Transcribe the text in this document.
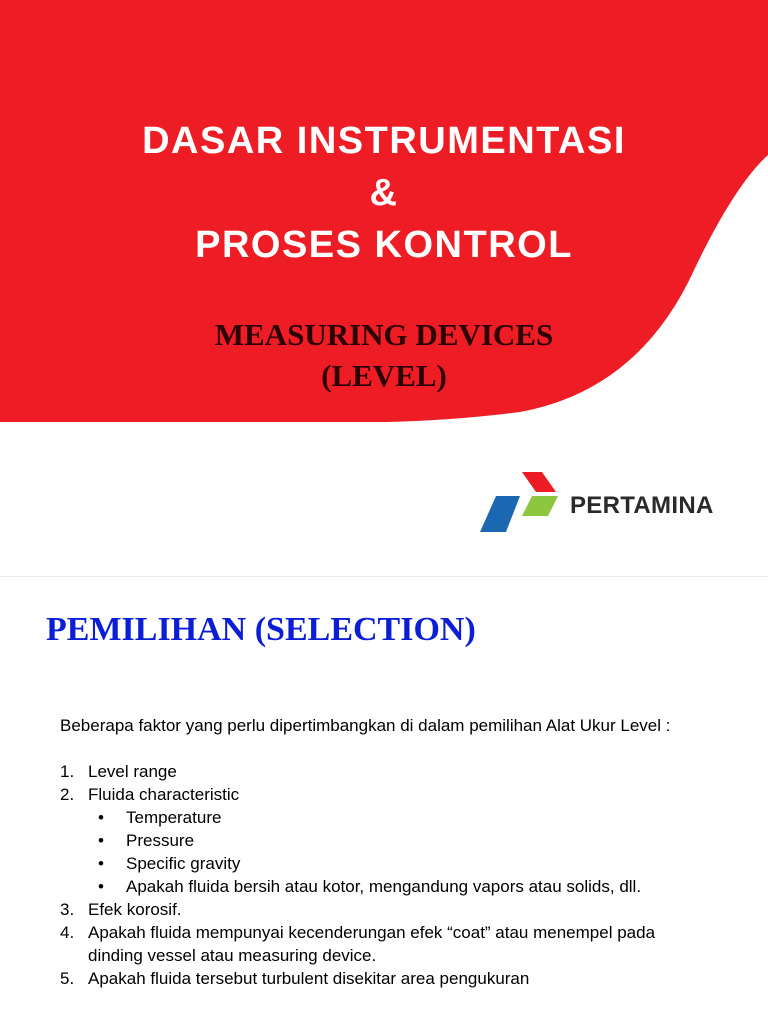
DASAR INSTRUMENTASI
&
PROSES KONTROL
MEASURING DEVICES
(LEVEL)
PERTAMINA
PEMILIHAN (SELECTION)

Beberapa faktor yang perlu dipertimbangkan di dalam pemilihan Alat Ukur Level :

1. Level range
2. Fluida characteristic
• Temperature
• Pressure
• Specific gravity
• Apakah fluida bersih atau kotor, mengandung vapors atau solids, dll.
3. Efek korosif.
4. Apakah fluida mempunyai kecenderungan efek “coat” atau menempel pada dinding vessel atau measuring device.
5. Apakah fluida tersebut turbulent disekitar area pengukuran
